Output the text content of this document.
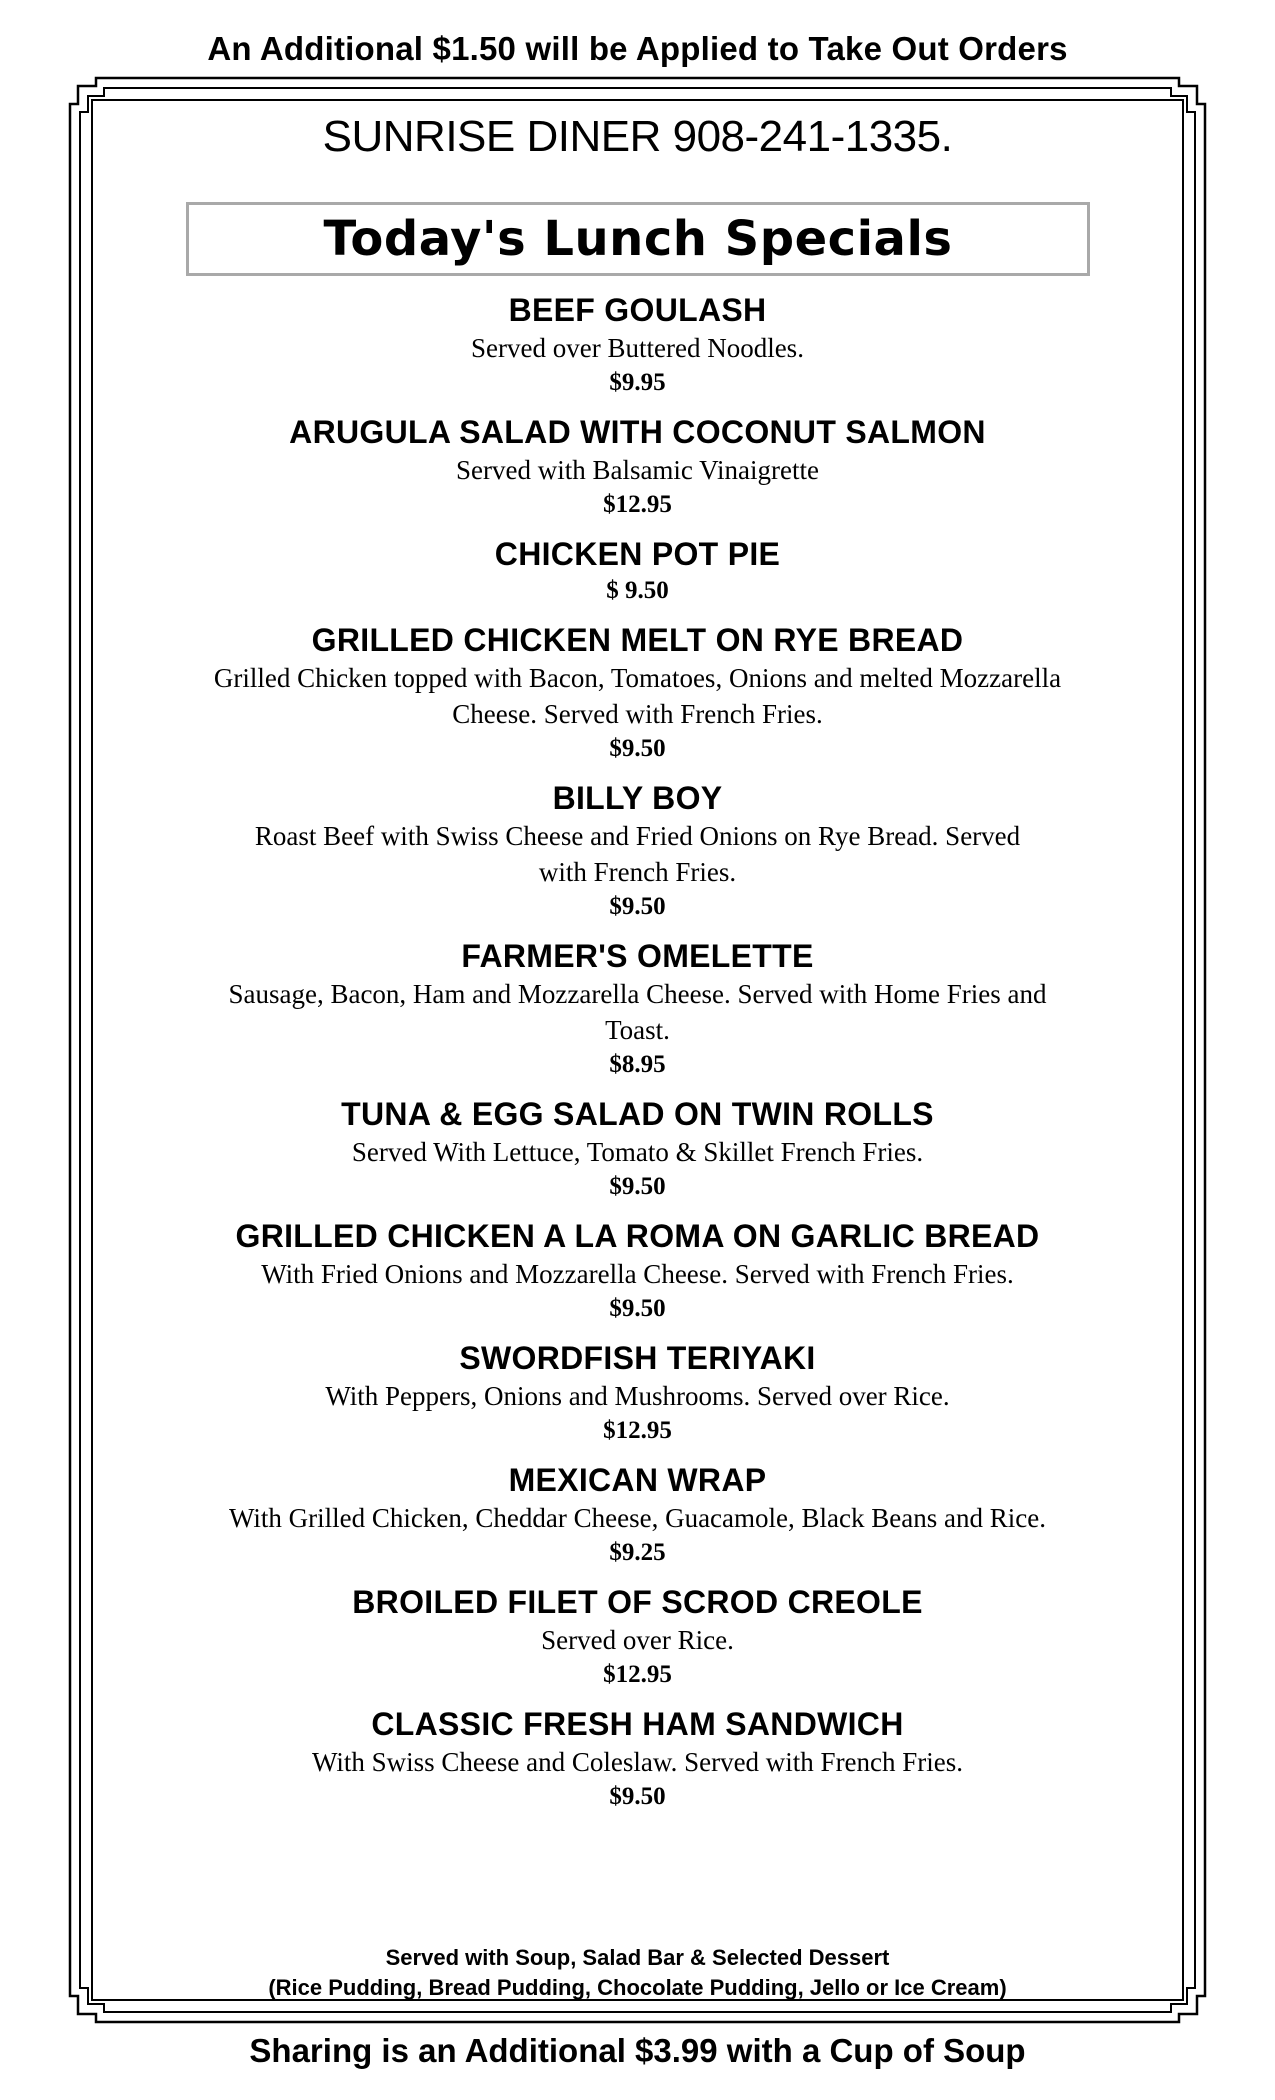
An Additional $1.50 will be Applied to Take Out Orders
SUNRISE DINER 908-241-1335.
Today's Lunch Specials
BEEF GOULASH
Served over Buttered Noodles.
$9.95
ARUGULA SALAD WITH COCONUT SALMON
Served with Balsamic Vinaigrette
$12.95
CHICKEN POT PIE
$ 9.50
GRILLED CHICKEN MELT ON RYE BREAD
Grilled Chicken topped with Bacon, Tomatoes, Onions and melted Mozzarella Cheese. Served with French Fries.
$9.50
BILLY BOY
Roast Beef with Swiss Cheese and Fried Onions on Rye Bread. Served with French Fries.
$9.50
FARMER'S OMELETTE
Sausage, Bacon, Ham and Mozzarella Cheese. Served with Home Fries and Toast.
$8.95
TUNA & EGG SALAD ON TWIN ROLLS
Served With Lettuce, Tomato & Skillet French Fries.
$9.50
GRILLED CHICKEN A LA ROMA ON GARLIC BREAD
With Fried Onions and Mozzarella Cheese. Served with French Fries.
$9.50
SWORDFISH TERIYAKI
With Peppers, Onions and Mushrooms. Served over Rice.
$12.95
MEXICAN WRAP
With Grilled Chicken, Cheddar Cheese, Guacamole, Black Beans and Rice.
$9.25
BROILED FILET OF SCROD CREOLE
Served over Rice.
$12.95
CLASSIC FRESH HAM SANDWICH
With Swiss Cheese and Coleslaw. Served with French Fries.
$9.50
Served with Soup, Salad Bar & Selected Dessert
(Rice Pudding, Bread Pudding, Chocolate Pudding, Jello or Ice Cream)
Sharing is an Additional $3.99 with a Cup of Soup
